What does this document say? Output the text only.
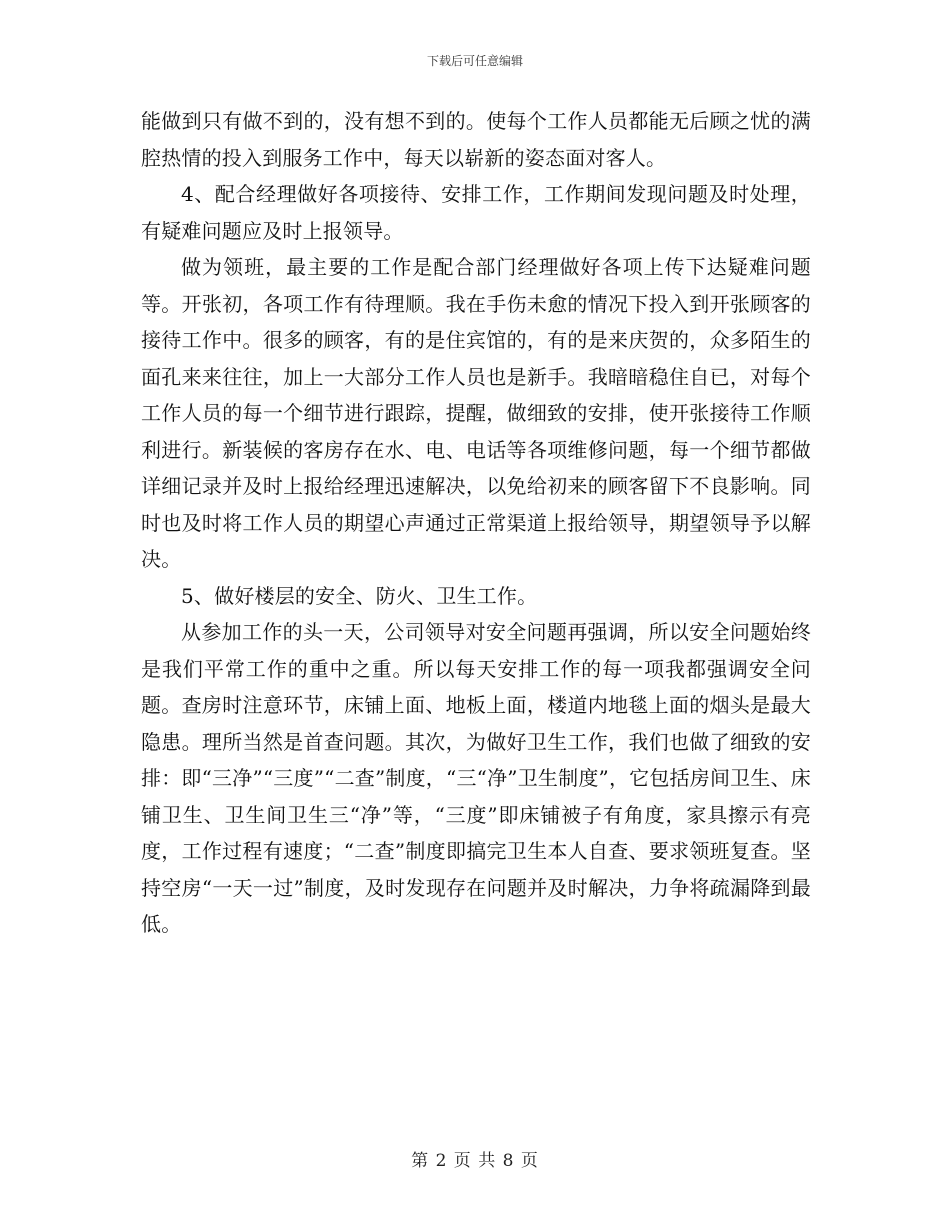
下载后可任意编辑

能做到只有做不到的，没有想不到的。使每个工作人员都能无后顾之忧的满腔热情的投入到服务工作中，每天以崭新的姿态面对客人。

4、配合经理做好各项接待、安排工作，工作期间发现问题及时处理，有疑难问题应及时上报领导。

做为领班，最主要的工作是配合部门经理做好各项上传下达疑难问题等。开张初，各项工作有待理顺。我在手伤未愈的情况下投入到开张顾客的接待工作中。很多的顾客，有的是住宾馆的，有的是来庆贺的，众多陌生的面孔来来往往，加上一大部分工作人员也是新手。我暗暗稳住自已，对每个工作人员的每一个细节进行跟踪，提醒，做细致的安排，使开张接待工作顺利进行。新装候的客房存在水、电、电话等各项维修问题，每一个细节都做详细记录并及时上报给经理迅速解决，以免给初来的顾客留下不良影响。同时也及时将工作人员的期望心声通过正常渠道上报给领导，期望领导予以解决。

5、做好楼层的安全、防火、卫生工作。

从参加工作的头一天，公司领导对安全问题再强调，所以安全问题始终是我们平常工作的重中之重。所以每天安排工作的每一项我都强调安全问题。查房时注意环节，床铺上面、地板上面，楼道内地毯上面的烟头是最大隐患。理所当然是首查问题。其次，为做好卫生工作，我们也做了细致的安排：即“三净”“三度”“二查”制度，“三“净”卫生制度”，它包括房间卫生、床铺卫生、卫生间卫生三“净”等，“三度”即床铺被子有角度，家具擦示有亮度，工作过程有速度；“二查”制度即搞完卫生本人自查、要求领班复查。坚持空房“一天一过”制度，及时发现存在问题并及时解决，力争将疏漏降到最低。

第 2 页 共 8 页
